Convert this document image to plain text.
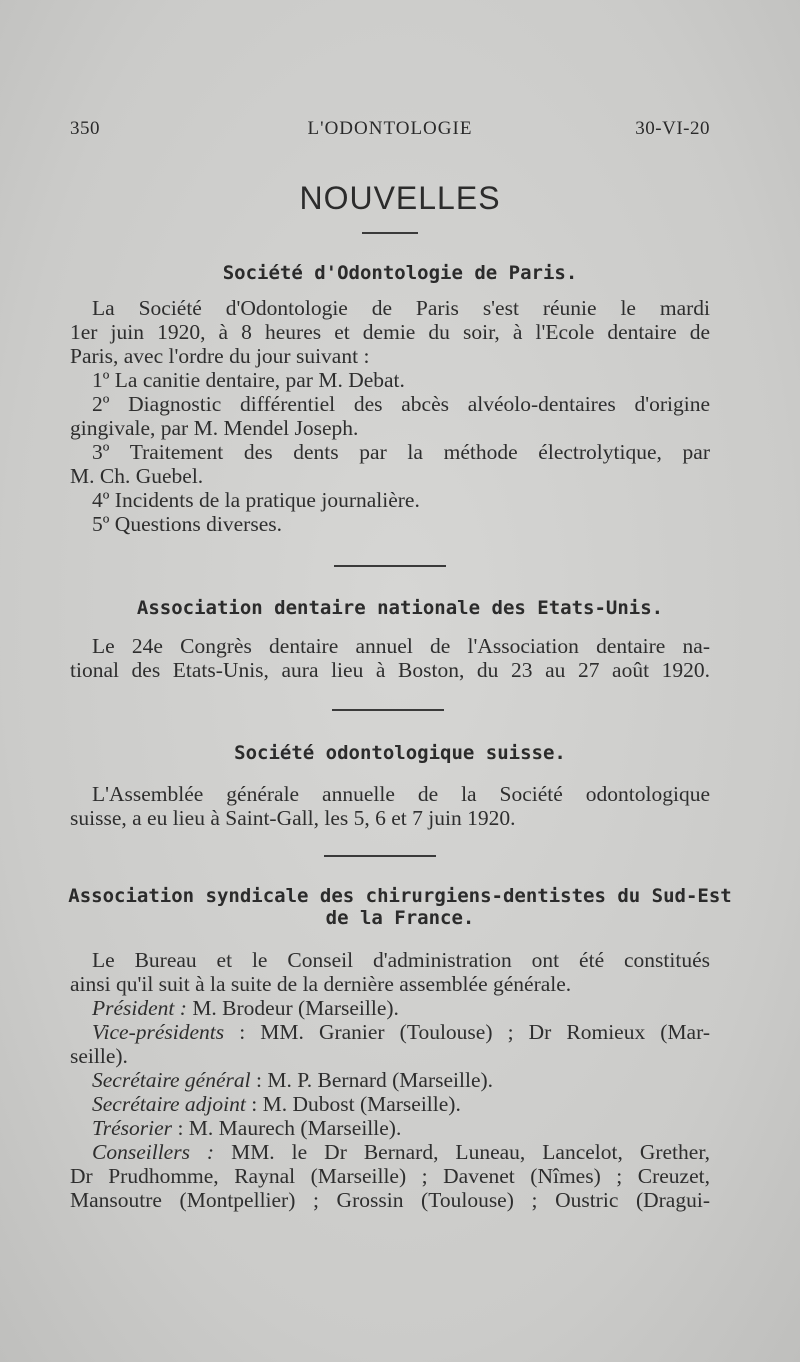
350	L'ODONTOLOGIE	30-VI-20
NOUVELLES
Société d'Odontologie de Paris.
La Société d'Odontologie de Paris s'est réunie le mardi
1er juin 1920, à 8 heures et demie du soir, à l'Ecole dentaire de
Paris, avec l'ordre du jour suivant :
1º La canitie dentaire, par M. Debat.
2º Diagnostic différentiel des abcès alvéolo-dentaires d'origine
gingivale, par M. Mendel Joseph.
3º Traitement des dents par la méthode électrolytique, par
M. Ch. Guebel.
4º Incidents de la pratique journalière.
5º Questions diverses.
Association dentaire nationale des Etats-Unis.
Le 24e Congrès dentaire annuel de l'Association dentaire na-
tional des Etats-Unis, aura lieu à Boston, du 23 au 27 août 1920.
Société odontologique suisse.
L'Assemblée générale annuelle de la Société odontologique
suisse, a eu lieu à Saint-Gall, les 5, 6 et 7 juin 1920.
Association syndicale des chirurgiens-dentistes du Sud-Est
de la France.
Le Bureau et le Conseil d'administration ont été constitués
ainsi qu'il suit à la suite de la dernière assemblée générale.
Président : M. Brodeur (Marseille).
Vice-présidents : MM. Granier (Toulouse) ; Dr Romieux (Mar-
seille).
Secrétaire général : M. P. Bernard (Marseille).
Secrétaire adjoint : M. Dubost (Marseille).
Trésorier : M. Maurech (Marseille).
Conseillers : MM. le Dr Bernard, Luneau, Lancelot, Grether,
Dr Prudhomme, Raynal (Marseille) ; Davenet (Nîmes) ; Creuzet,
Mansoutre (Montpellier) ; Grossin (Toulouse) ; Oustric (Dragui-
